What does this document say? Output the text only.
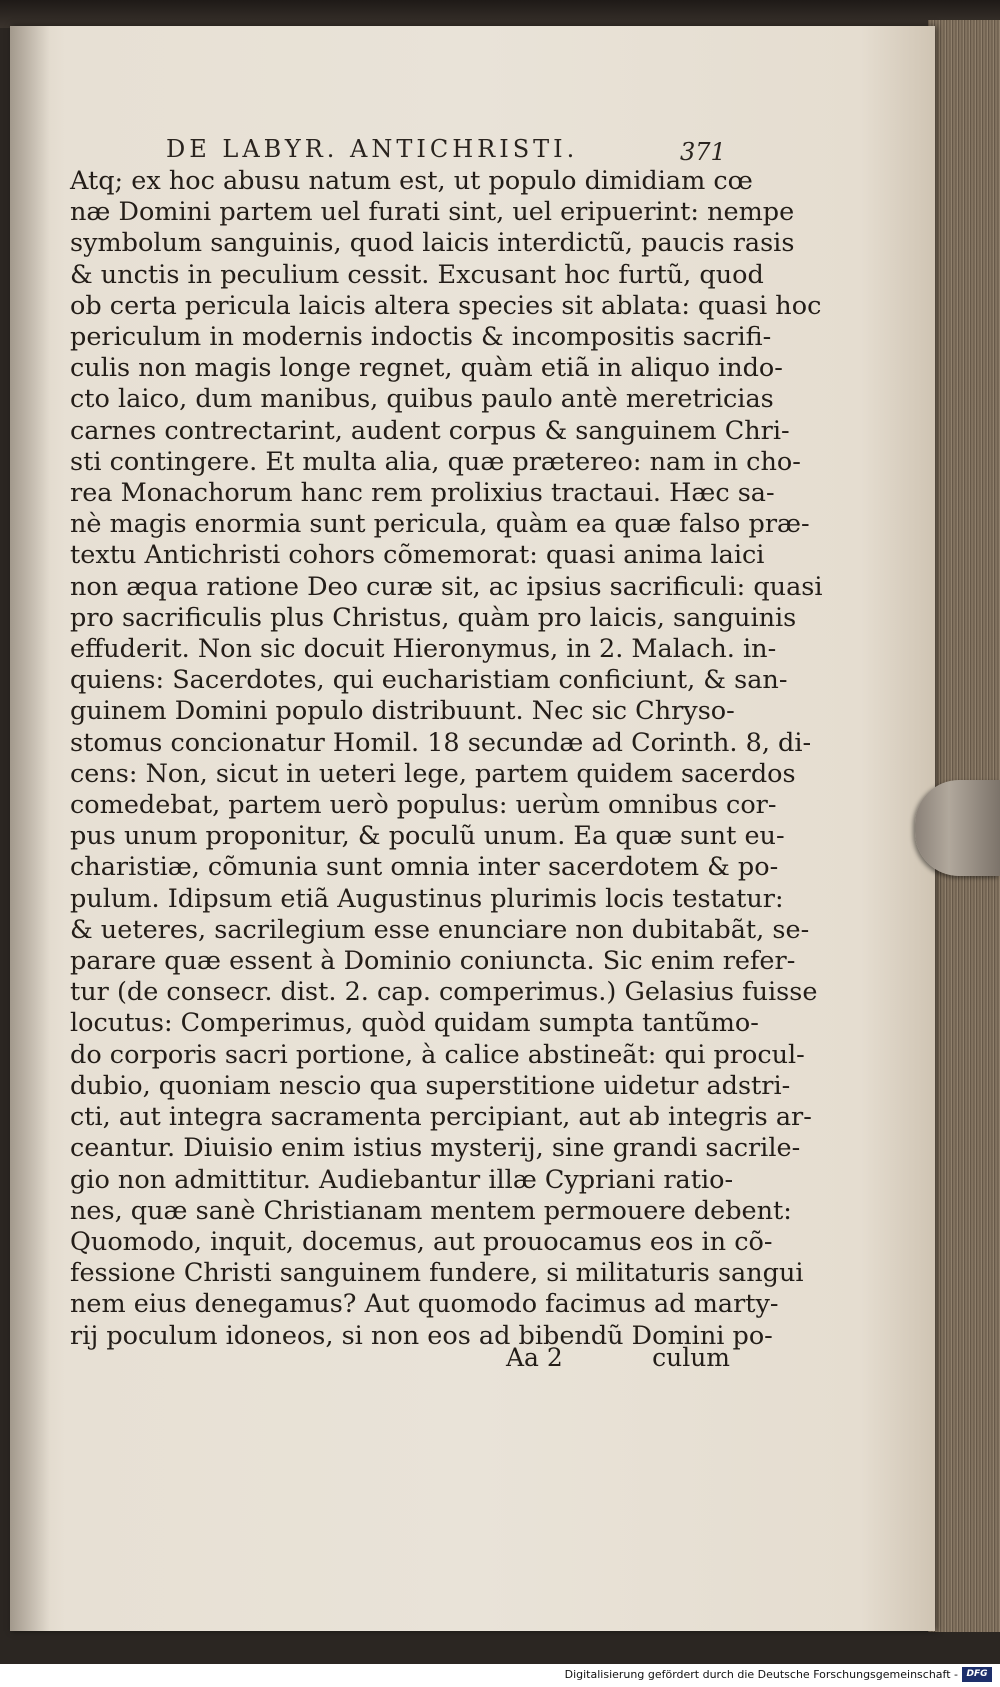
DE LABYR. ANTICHRISTI.	371
Atq; ex hoc abusu natum est, ut populo dimidiam cœ
næ Domini partem uel furati sint, uel eripuerint: nempe
symbolum sanguinis, quod laicis interdictũ, paucis rasis
& unctis in peculium cessit. Excusant hoc furtũ, quod
ob certa pericula laicis altera species sit ablata: quasi hoc
periculum in modernis indoctis & incompositis sacrifi-
culis non magis longe regnet, quàm etiã in aliquo indo-
cto laico, dum manibus, quibus paulo antè meretricias
carnes contrectarint, audent corpus & sanguinem Chri-
sti contingere. Et multa alia, quæ prætereo: nam in cho-
rea Monachorum hanc rem prolixius tractaui. Hæc sa-
nè magis enormia sunt pericula, quàm ea quæ falso præ-
textu Antichristi cohors cõmemorat: quasi anima laici
non æqua ratione Deo curæ sit, ac ipsius sacrificuli: quasi
pro sacrificulis plus Christus, quàm pro laicis, sanguinis
effuderit. Non sic docuit Hieronymus, in 2. Malach. in-
quiens: Sacerdotes, qui eucharistiam conficiunt, & san-
guinem Domini populo distribuunt. Nec sic Chryso-
stomus concionatur Homil. 18 secundæ ad Corinth. 8, di-
cens: Non, sicut in ueteri lege, partem quidem sacerdos
comedebat, partem uerò populus: uerùm omnibus cor-
pus unum proponitur, & poculũ unum. Ea quæ sunt eu-
charistiæ, cõmunia sunt omnia inter sacerdotem & po-
pulum. Idipsum etiã Augustinus plurimis locis testatur:
& ueteres, sacrilegium esse enunciare non dubitabãt, se-
parare quæ essent à Dominio coniuncta. Sic enim refer-
tur (de consecr. dist. 2. cap. comperimus.) Gelasius fuisse
locutus: Comperimus, quòd quidam sumpta tantũmo-
do corporis sacri portione, à calice abstineãt: qui procul-
dubio, quoniam nescio qua superstitione uidetur adstri-
cti, aut integra sacramenta percipiant, aut ab integris ar-
ceantur. Diuisio enim istius mysterij, sine grandi sacrile-
gio non admittitur. Audiebantur illæ Cypriani ratio-
nes, quæ sanè Christianam mentem permouere debent:
Quomodo, inquit, docemus, aut prouocamus eos in cõ-
fessione Christi sanguinem fundere, si militaturis sangui
nem eius denegamus? Aut quomodo facimus ad marty-
rij poculum idoneos, si non eos ad bibendũ Domini po-
Aa 2	culum
Digitalisierung gefördert durch die Deutsche Forschungsgemeinschaft - DFG
